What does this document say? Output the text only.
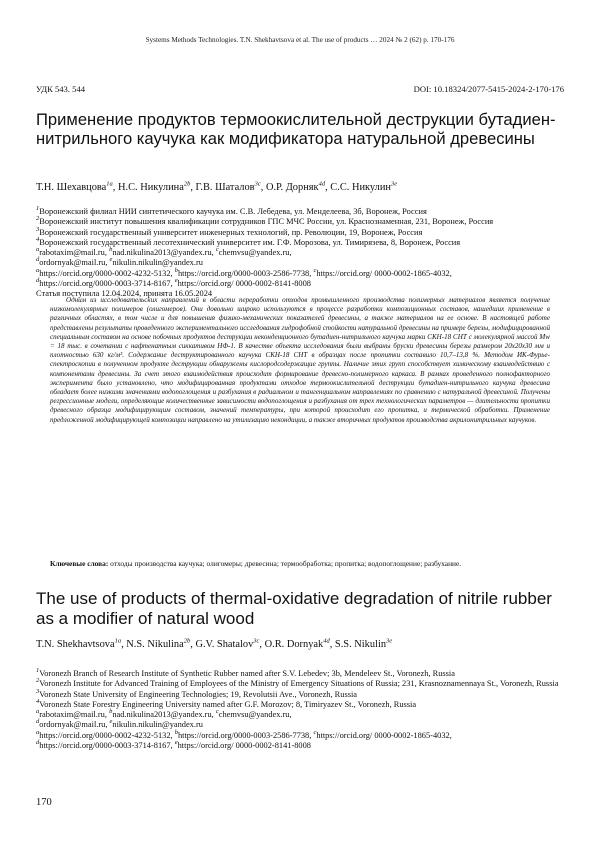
Systems Methods Technologies. T.N. Shekhavtsova et al. The use of products … 2024 № 2 (62) p. 170-176
УДК 543. 544	DOI: 10.18324/2077-5415-2024-2-170-176
Применение продуктов термоокислительной деструкции бутадиен-нитрильного каучука как модификатора натуральной древесины
Т.Н. Шехавцова$^{1a}$, Н.С. Никулина$^{2b}$, Г.В. Шаталов$^{3c}$, О.Р. Дорняк$^{4d}$, С.С. Никулин$^{3e}$

$^1$Воронежский филиал НИИ синтетического каучука им. С.В. Лебедева, ул. Менделеева, 3б, Воронеж, Россия

$^2$Воронежский институт повышения квалификации сотрудников ГПС МЧС России, ул. Краснознаменная, 231, Воронеж, Россия

$^3$Воронежский государственный университет инженерных технологий, пр. Революции, 19, Воронеж, Россия

$^4$Воронежский государственный лесотехнический университет им. Г.Ф. Морозова, ул. Тимирязева, 8, Воронеж, Россия

$^a$rabotaxim@mail.ru, $^b$nad.nikulina2013@yandex.ru, $^c$chemvsu@yandex.ru,

$^d$ordornyak@mail.ru, $^e$nikulin.nikulin@yandex.ru

$^a$https://orcid.org/0000-0002-4232-5132, $^b$https://orcid.org/0000-0003-2586-7738, $^c$https://orcid.org/ 0000-0002-1865-4032,

$^d$https://orcid.org/0000-0003-3714-8167, $^e$https://orcid.org/ 0000-0002-8141-8008

Статья поступила 12.04.2024, принята 16.05.2024

Одним из исследовательских направлений в области переработки отходов промышленного производства полимерных материалов является получение низкомолекулярных полимеров (олигомеров). Они довольно широко используются в процессе разработки композиционных составов, нашедших применение в различных областях, в том числе и для повышения физико-механических показателей древесины, а также материалов на ее основе. В настоящей работе представлены результаты проведенного экспериментального исследования гидрофобной стойкости натуральной древесины на примере березы, модифицированной специальным составом на основе побочных продуктов деструкции неконденционного бутадиен-нитрильного каучука марки СКН-18 СНТ с молекулярной массой Mw = 18 тыс. в сочетании с нафтенатным сиккативом НФ-1. В качестве объекта исследования были выбраны бруски древесины березы размером 20x20x30 мм и плотностью 630 кг/м³. Содержание деструктированного каучука СКН-18 СНТ в образцах после пропитки составило 10,7–13,8 %. Методом ИК-Фурье-спектроскопии в полученном продукте деструкции обнаружены кислородсодержащие группы. Наличие этих групп способствует химическому взаимодействию с компонентами древесины. За счет этого взаимодействия происходит формирование древесно-полимерного каркаса. В рамках проведенного полнофакторного эксперимента было установлено, что модифицированная продуктами отходов термоокислительной деструкции бутадиен-нитрильного каучука древесина обладает более низкими значениями водопоглощения и разбухания в радиальном и тангенциальном направлениях по сравнению с натуральной древесиной. Получены регрессионные модели, определяющие количественные зависимости водопоглощения и разбухания от трех технологических параметров — длительности пропитки древесного образца модифицирующим составом, значений температуры, при которой происходит его пропитка, и термической обработки. Применение предложенной модифицирующей композиции направлено на утилизацию некондиции, а также вторичных продуктов производства акрилонитрильных каучуков.

Ключевые слова: отходы производства каучука; олигомеры; древесина; термообработка; пропитка; водопоглощение; разбухание.

The use of products of thermal-oxidative degradation of nitrile rubber as a modifier of natural wood
T.N. Shekhavtsova$^{1a}$, N.S. Nikulina$^{2b}$, G.V. Shatalov$^{3c}$, O.R. Dornyak$^{4d}$, S.S. Nikulin$^{3e}$

$^1$Voronezh Branch of Research Institute of Synthetic Rubber named after S.V. Lebedev; 3b, Mendeleev St., Voronezh, Russia

$^2$Voronezh Institute for Advanced Training of Employees of the Ministry of Emergency Situations of Russia; 231, Krasnoznamennaya St., Voronezh, Russia

$^3$Voronezh State University of Engineering Technologies; 19, Revolutsii Ave., Voronezh, Russia

$^4$Voronezh State Forestry Engineering University named after G.F. Morozov; 8, Timiryazev St., Voronezh, Russia

$^a$rabotaxim@mail.ru, $^b$nad.nikulina2013@yandex.ru, $^c$chemvsu@yandex.ru,

$^d$ordornyak@mail.ru, $^e$nikulin.nikulin@yandex.ru

$^a$https://orcid.org/0000-0002-4232-5132, $^b$https://orcid.org/0000-0003-2586-7738, $^c$https://orcid.org/ 0000-0002-1865-4032,

$^d$https://orcid.org/0000-0003-3714-8167, $^e$https://orcid.org/ 0000-0002-8141-8008

170
